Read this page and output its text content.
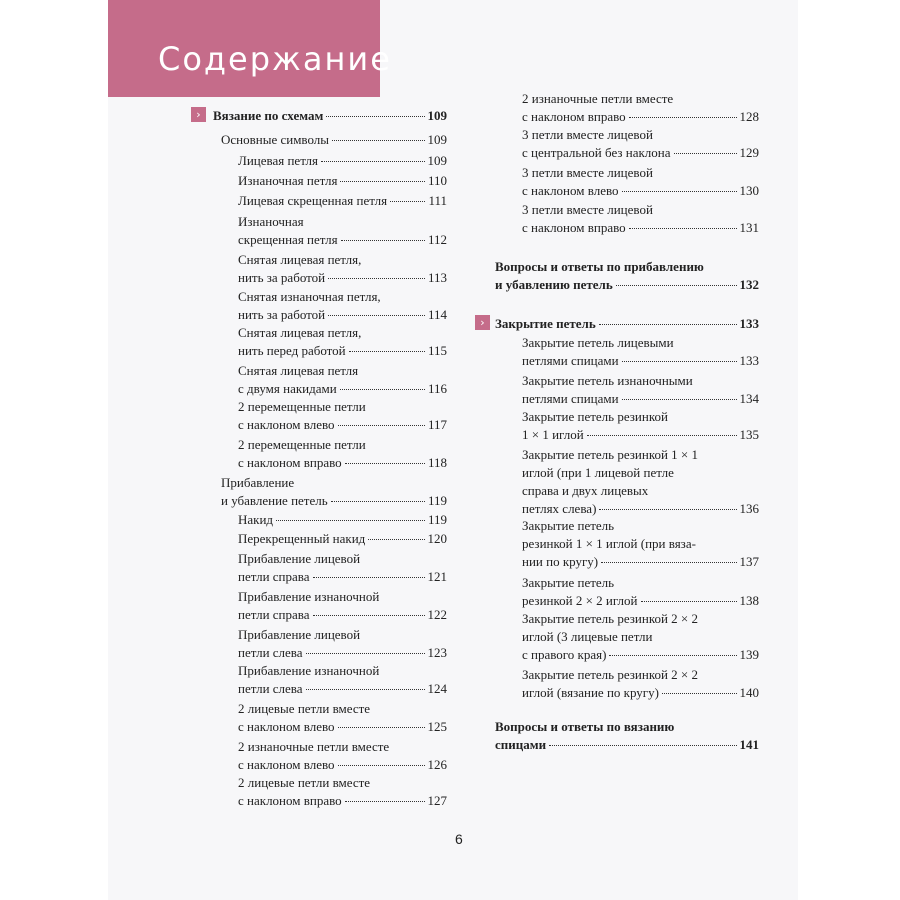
Содержание
› Вязание по схемам	109
Вопросы и ответы по прибавлению
и убавлению петель	132
› Закрытие петель	133
Вопросы и ответы по вязанию
спицами	141
Основные символы	109
Лицевая петля	109
Изнаночная петля	110
Лицевая скрещенная петля	111
Изнаночная
скрещенная петля	112
Снятая лицевая петля,
нить за работой	113
Снятая изнаночная петля,
нить за работой	114
Снятая лицевая петля,
нить перед работой	115
Снятая лицевая петля
с двумя накидами	116
2 перемещенные петли
с наклоном влево	117
2 перемещенные петли
с наклоном вправо	118
Прибавление
и убавление петель	119
Накид	119
Перекрещенный накид	120
Прибавление лицевой
петли справа	121
Прибавление изнаночной
петли справа	122
Прибавление лицевой
петли слева	123
Прибавление изнаночной
петли слева	124
2 лицевые петли вместе
с наклоном влево	125
2 изнаночные петли вместе
с наклоном влево	126
2 лицевые петли вместе
с наклоном вправо	127
2 изнаночные петли вместе
с наклоном вправо	128
3 петли вместе лицевой
с центральной без наклона	129
3 петли вместе лицевой
с наклоном влево	130
3 петли вместе лицевой
с наклоном вправо	131
Закрытие петель лицевыми
петлями спицами	133
Закрытие петель изнаночными
петлями спицами	134
Закрытие петель резинкой
1 × 1 иглой	135
Закрытие петель резинкой 1 × 1
иглой (при 1 лицевой петле
справа и двух лицевых
петлях слева)	136
Закрытие петель
резинкой 1 × 1 иглой (при вязa-
нии по кругу)	137
Закрытие петель
резинкой 2 × 2 иглой	138
Закрытие петель резинкой 2 × 2
иглой (3 лицевые петли
с правого края)	139
Закрытие петель резинкой 2 × 2
иглой (вязание по кругу)	140
6
